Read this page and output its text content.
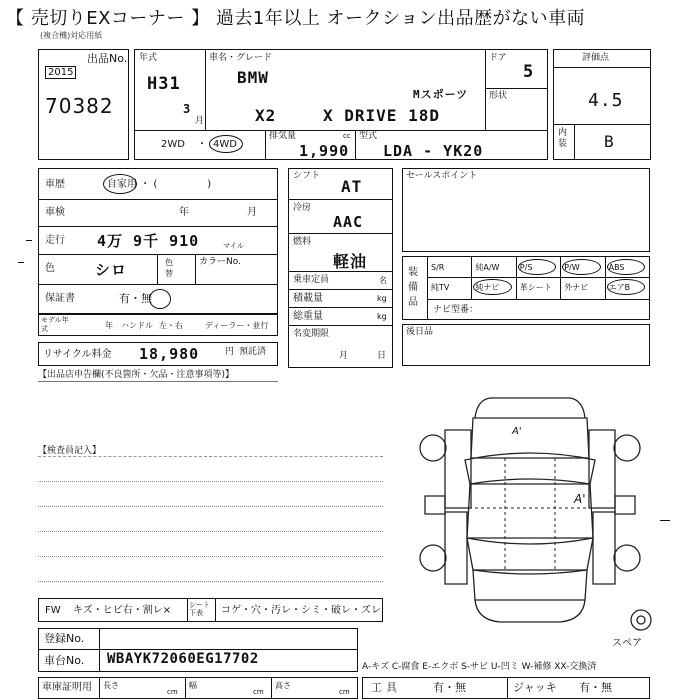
【 売切りEXコーナー 】 過去1年以上 オークション出品歴がない車両
(複合機)対応用紙
出品No.
2015
70382
年式
H31
3
月
車名・グレード
BMW
Mスポーツ
X2	X DRIVE 18D
ドア
5
形状
2WD ・ 4WD
排気量	cc
1,990
型式
LDA - YK20
評価点
4.5
内装 B
車歴	自家用 ・ (　　　　　)
車検	年	月
走行 4万 9千 910	マイル
色	シロ	色替
カラーNo.
保証書	有・無
モデル年式	年 ハンドル 左・右	ディーラー・並行
リサイクル料金 18,980	円 預託済
シフト
AT
冷房
AAC
燃料
軽油
乗車定員	名
積載量	kg
総重量	kg
名変期限
月	日
セールスポイント
装備品
S/R	純A/W	P/S	P/W	ABS
純TV	純ナビ	革シート 外ナビ	エアB
ナビ型番：
後日品
【出品店申告欄(不良箇所・欠品・注意事項等)】
【検査員記入】
A'
A'
スペア
FW キズ・ヒビ右・割レ×	シート下表	コゲ・穴・汚レ・シミ・破レ・ズレ
登録No.
車台No. WBAYK72060EG17702	A-キズ C-腐食 E-エクボ S-サビ U-凹ミ W-補修 XX-交換済
車庫証明用 長さ
cm
幅
cm
高さ
cm 工具	有・無	ジャッキ 有・無
